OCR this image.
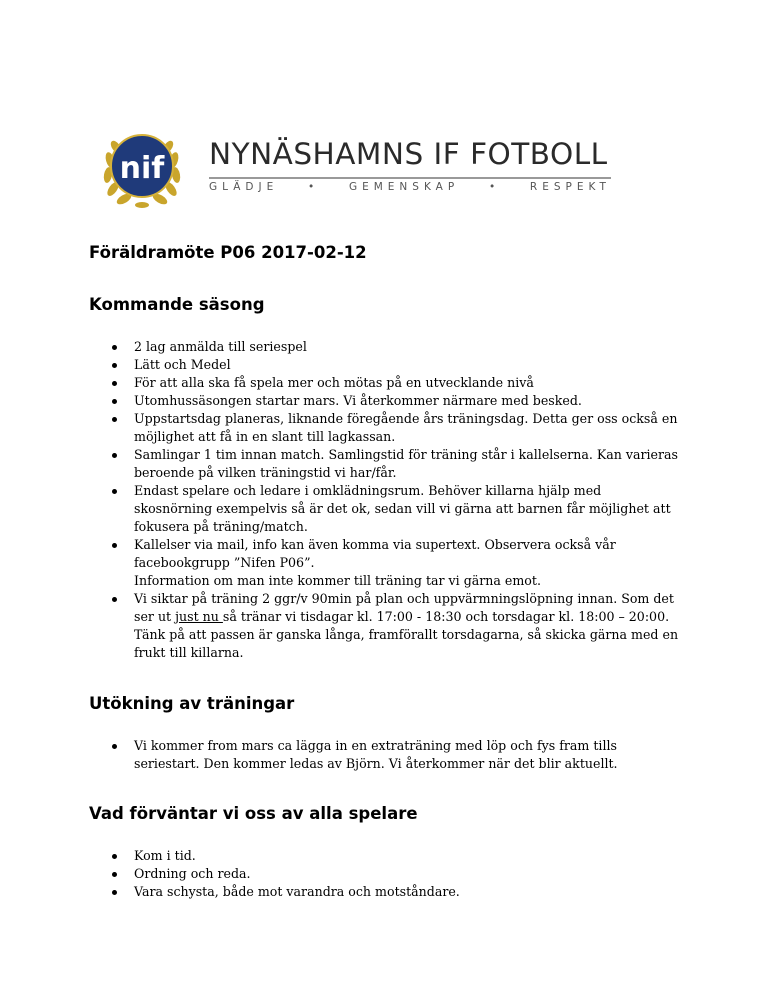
nif NYNÄSHAMNS IF FOTBOLL
GLÄDJE	•	GEMENSKAP	•	RESPEKT
Föräldramöte P06 2017-02-12
Kommande säsong
2 lag anmälda till seriespel
Lätt och Medel
För att alla ska få spela mer och mötas på en utvecklande nivå
Utomhussäsongen startar mars. Vi återkommer närmare med besked.
Uppstartsdag planeras, liknande föregående års träningsdag. Detta ger oss också en
möjlighet att få in en slant till lagkassan.
Samlingar 1 tim innan match. Samlingstid för träning står i kallelserna. Kan varieras
beroende på vilken träningstid vi har/får.
Endast spelare och ledare i omklädningsrum. Behöver killarna hjälp med
skosnörning exempelvis så är det ok, sedan vill vi gärna att barnen får möjlighet att
fokusera på träning/match.
Kallelser via mail, info kan även komma via supertext. Observera också vår
facebookgrupp ”Nifen P06”.
Information om man inte kommer till träning tar vi gärna emot.
Vi siktar på träning 2 ggr/v 90min på plan och uppvärmningslöpning innan. Som det
ser ut just nu så tränar vi tisdagar kl. 17:00 - 18:30 och torsdagar kl. 18:00 – 20:00.
Tänk på att passen är ganska långa, framförallt torsdagarna, så skicka gärna med en
frukt till killarna.
Utökning av träningar
Vi kommer from mars ca lägga in en extraträning med löp och fys fram tills
seriestart. Den kommer ledas av Björn. Vi återkommer när det blir aktuellt.
Vad förväntar vi oss av alla spelare
Kom i tid.
Ordning och reda.
Vara schysta, både mot varandra och motståndare.
